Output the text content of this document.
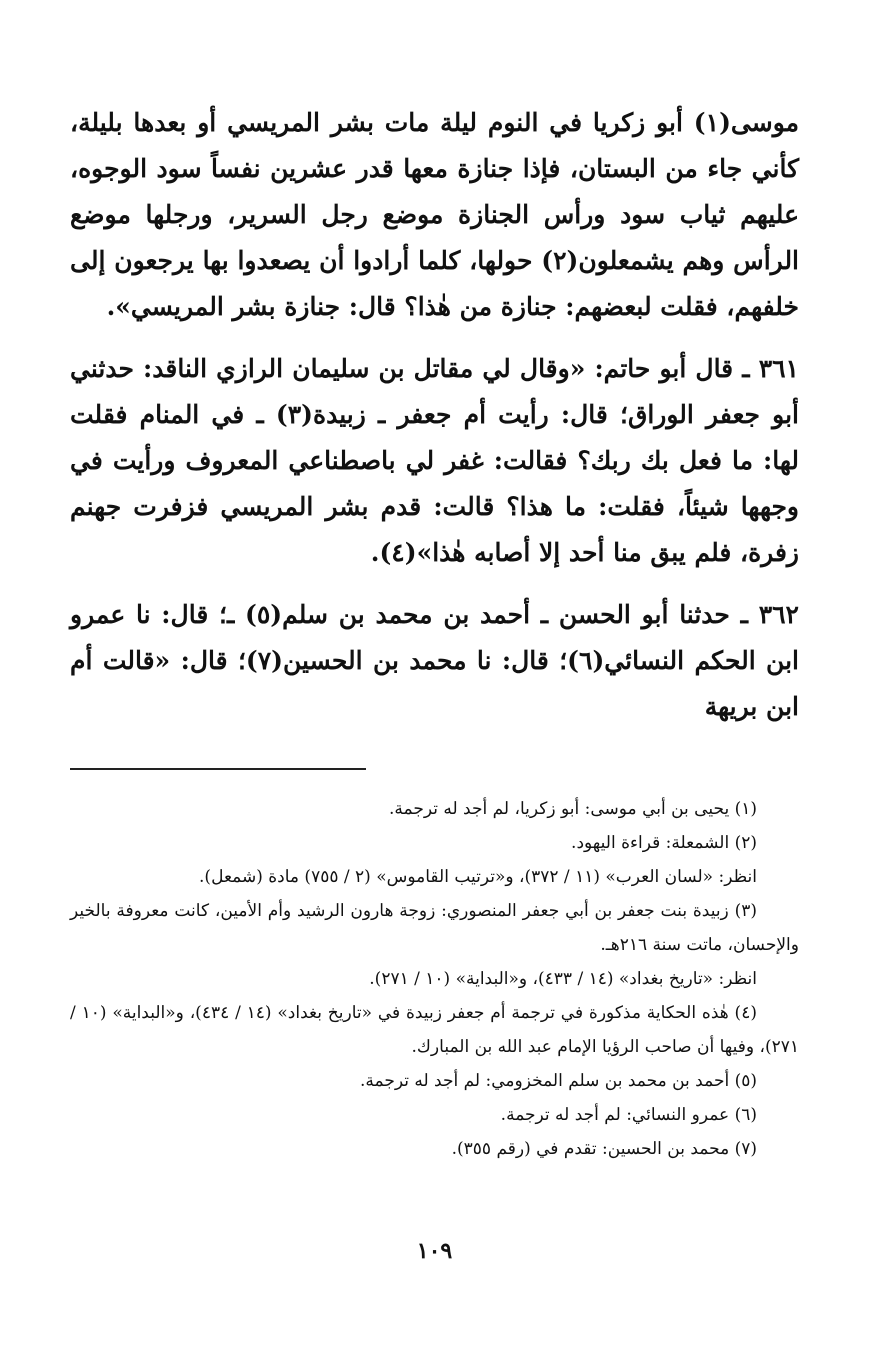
موسى(١) أبو زكريا في النوم ليلة مات بشر المريسي أو بعدها بليلة، كأني جاء من البستان، فإذا جنازة معها قدر عشرين نفساً سود الوجوه، عليهم ثياب سود ورأس الجنازة موضع رجل السرير، ورجلها موضع الرأس وهم يشمعلون(٢) حولها، كلما أرادوا أن يصعدوا بها يرجعون إلى خلفهم، فقلت لبعضهم: جنازة من هٰذا؟ قال: جنازة بشر المريسي».

٣٦١ ـ قال أبو حاتم: «وقال لي مقاتل بن سليمان الرازي الناقد: حدثني أبو جعفر الوراق؛ قال: رأيت أم جعفر ـ زبيدة(٣) ـ في المنام فقلت لها: ما فعل بك ربك؟ فقالت: غفر لي باصطناعي المعروف ورأيت في وجهها شيئاً، فقلت: ما هذا؟ قالت: قدم بشر المريسي فزفرت جهنم زفرة، فلم يبق منا أحد إلا أصابه هٰذا»(٤).

٣٦٢ ـ حدثنا أبو الحسن ـ أحمد بن محمد بن سلم(٥) ـ؛ قال: نا عمرو ابن الحكم النسائي(٦)؛ قال: نا محمد بن الحسين(٧)؛ قال: «قالت أم ابن بريهة

(١) يحيى بن أبي موسى: أبو زكريا، لم أجد له ترجمة.

(٢) الشمعلة: قراءة اليهود.

انظر: «لسان العرب» (١١ / ٣٧٢)، و«ترتيب القاموس» (٢ / ٧٥٥) مادة (شمعل).

(٣) زبيدة بنت جعفر بن أبي جعفر المنصوري: زوجة هارون الرشيد وأم الأمين، كانت معروفة بالخير والإحسان، ماتت سنة ٢١٦هـ.

انظر: «تاريخ بغداد» (١٤ / ٤٣٣)، و«البداية» (١٠ / ٢٧١).

(٤) هٰذه الحكاية مذكورة في ترجمة أم جعفر زبيدة في «تاريخ بغداد» (١٤ / ٤٣٤)، و«البداية» (١٠ / ٢٧١)، وفيها أن صاحب الرؤيا الإمام عبد الله بن المبارك.

(٥) أحمد بن محمد بن سلم المخزومي: لم أجد له ترجمة.

(٦) عمرو النسائي: لم أجد له ترجمة.

(٧) محمد بن الحسين: تقدم في (رقم ٣٥٥).

١٠٩
